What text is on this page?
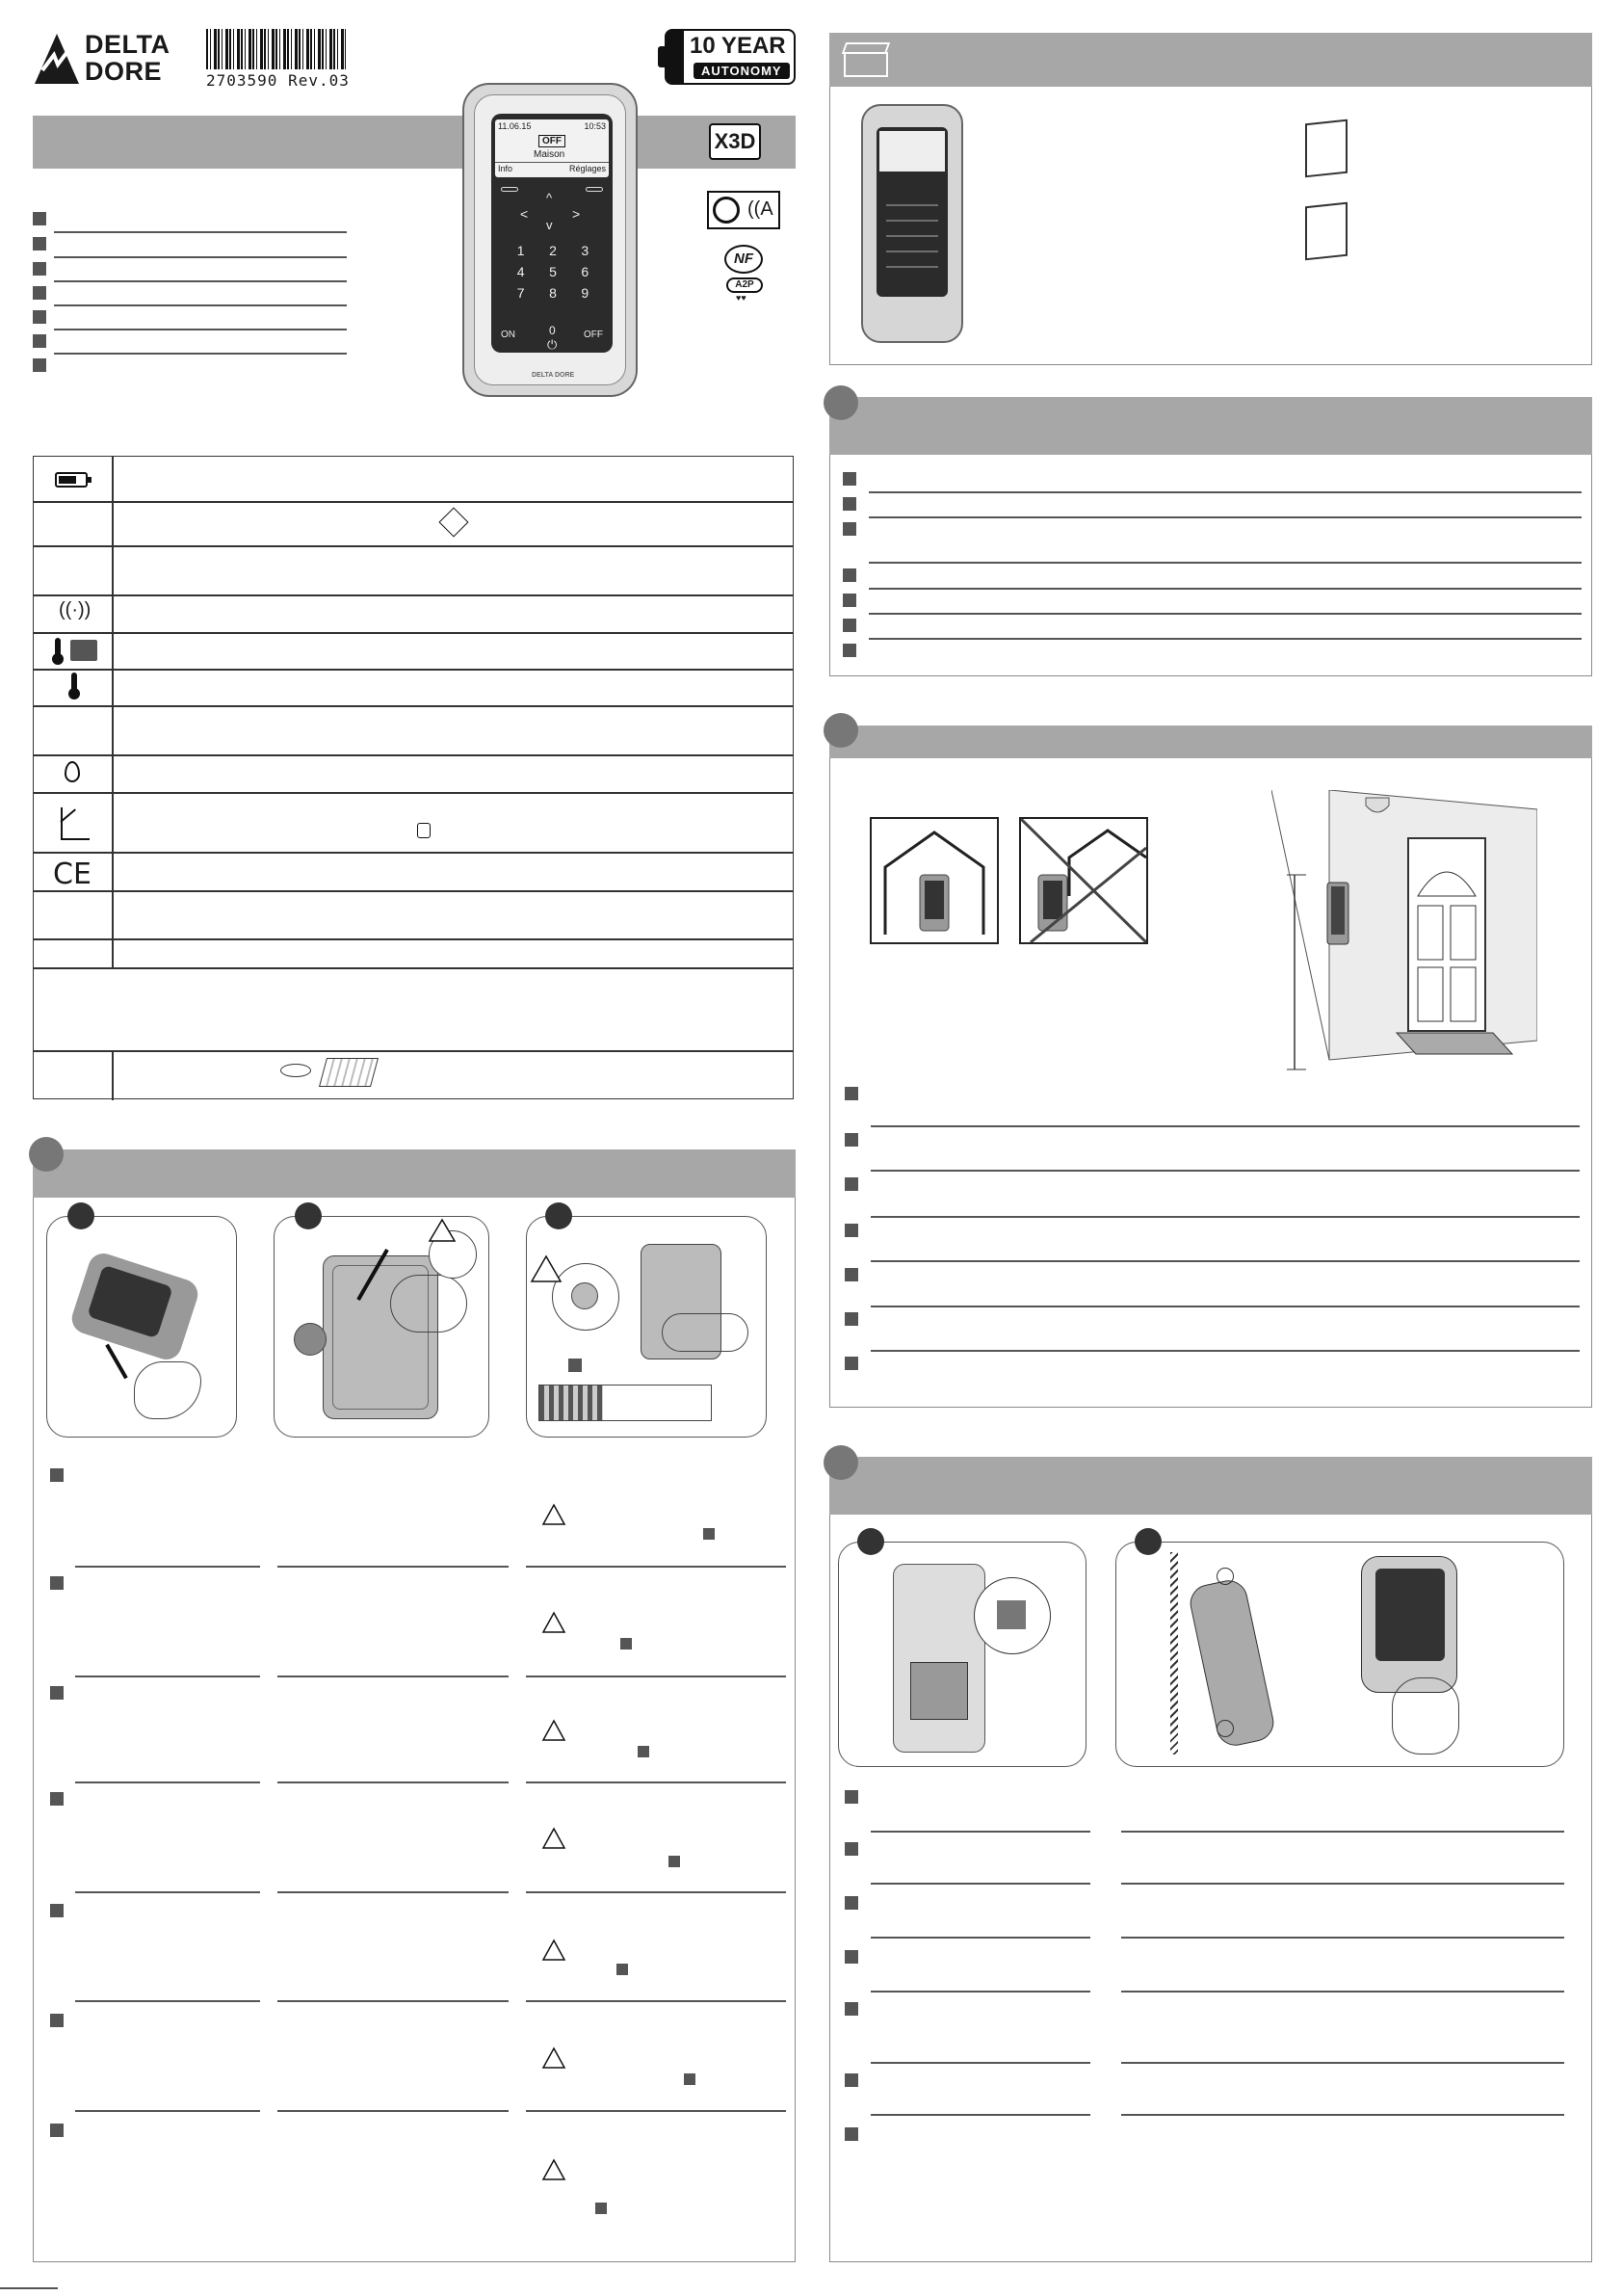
DELTA
DORE	2703590 Rev.03
10 YEAR
AUTONOMY
X3D
11.06.15	10:53
OFF
Maison
Info	Réglages
^
<	>
v
1	2	3
4	5	6
7	8	9
0
ON	OFF
⏻
DELTA DORE
((A
NF
A2P
♥♥
((·))
C​E
